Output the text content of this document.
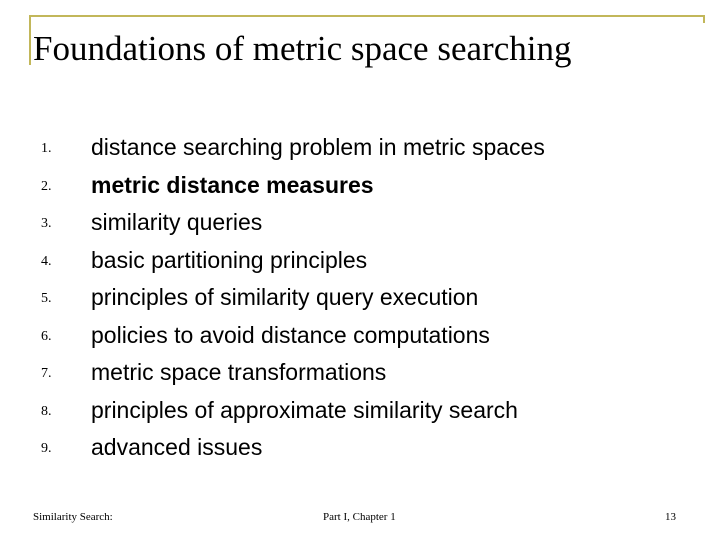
Foundations of metric space searching
1. distance searching problem in metric spaces
2. metric distance measures
3. similarity queries
4. basic partitioning principles
5. principles of similarity query execution
6. policies to avoid distance computations
7. metric space transformations
8. principles of approximate similarity search
9. advanced issues
Similarity Search:	Part I, Chapter 1	13
